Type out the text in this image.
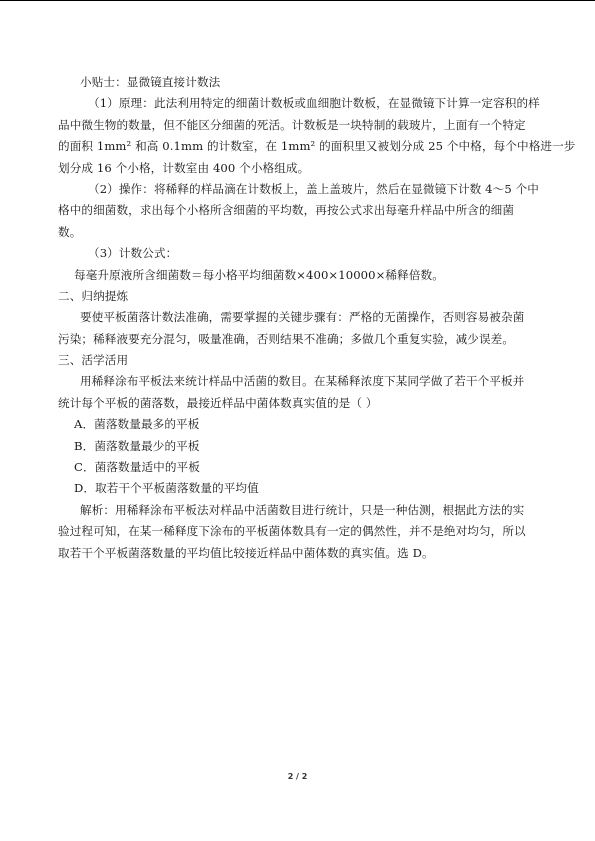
小贴士：显微镜直接计数法
（1）原理：此法利用特定的细菌计数板或血细胞计数板，在显微镜下计算一定容积的样
品中微生物的数量，但不能区分细菌的死活。计数板是一块特制的载玻片，上面有一个特定
的面积 1mm² 和高 0.1mm 的计数室，在 1mm² 的面积里又被划分成 25 个中格，每个中格进一步
划分成 16 个小格，计数室由 400 个小格组成。
（2）操作：将稀释的样品滴在计数板上，盖上盖玻片，然后在显微镜下计数 4～5 个中
格中的细菌数，求出每个小格所含细菌的平均数，再按公式求出每毫升样品中所含的细菌
数。
（3）计数公式：
每毫升原液所含细菌数＝每小格平均细菌数×400×10000×稀释倍数。
二、归纳提炼
要使平板菌落计数法准确，需要掌握的关键步骤有：严格的无菌操作，否则容易被杂菌
污染；稀释液要充分混匀，吸量准确，否则结果不准确；多做几个重复实验，减少误差。
三、活学活用
用稀释涂布平板法来统计样品中活菌的数目。在某稀释浓度下某同学做了若干个平板并
统计每个平板的菌落数，最接近样品中菌体数真实值的是（ ）
A．菌落数量最多的平板
B．菌落数量最少的平板
C．菌落数量适中的平板
D．取若干个平板菌落数量的平均值
解析：用稀释涂布平板法对样品中活菌数目进行统计，只是一种估测，根据此方法的实
验过程可知，在某一稀释度下涂布的平板菌体数具有一定的偶然性，并不是绝对均匀，所以
取若干个平板菌落数量的平均值比较接近样品中菌体数的真实值。选 D。
2 / 2
